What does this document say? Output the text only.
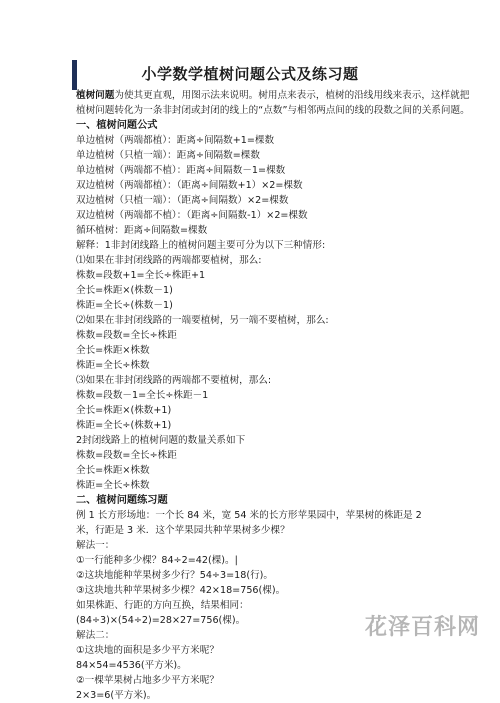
小学数学植树问题公式及练习题

植树问题为使其更直观，用图示法来说明。树用点来表示，植树的沿线用线来表示，这样就把植树问题转化为一条非封闭或封闭的线上的“点数”与相邻两点间的线的段数之间的关系问题。

一、植树问题公式

单边植树（两端都植）：距离÷间隔数+1=棵数

单边植树（只植一端）：距离÷间隔数=棵数

单边植树（两端都不植）：距离÷间隔数－1=棵数

双边植树（两端都植）：（距离÷间隔数+1）×2=棵数

双边植树（只植一端）：（距离÷间隔数）×2=棵数

双边植树（两端都不植）：（距离÷间隔数-1）×2=棵数

循环植树：距离÷间隔数=棵数

解释：1非封闭线路上的植树问题主要可分为以下三种情形:

⑴如果在非封闭线路的两端都要植树，那么:

株数=段数+1=全长÷株距+1

全长=株距×(株数－1)

株距=全长÷(株数－1)

⑵如果在非封闭线路的一端要植树，另一端不要植树，那么:

株数=段数=全长÷株距

全长=株距×株数

株距=全长÷株数

⑶如果在非封闭线路的两端都不要植树，那么:

株数=段数－1=全长÷株距－1

全长=株距×(株数+1)

株距=全长÷(株数+1)

2封闭线路上的植树问题的数量关系如下

株数=段数=全长÷株距

全长=株距×株数

株距=全长÷株数

二、植树问题练习题

例 1 长方形场地：一个长 84 米，宽 54 米的长方形苹果园中，苹果树的株距是 2

米，行距是 3 米．这个苹果园共种苹果树多少棵？

解法一：

①一行能种多少棵？84÷2=42(棵)。|

②这块地能种苹果树多少行？54÷3=18(行)。

③这块地共种苹果树多少棵？42×18=756(棵)。

如果株距、行距的方向互换，结果相同：

(84÷3)×(54÷2)=28×27=756(棵)。

解法二：

①这块地的面积是多少平方米呢？

84×54=4536(平方米)。

②一棵苹果树占地多少平方米呢？

2×3=6(平方米)。

花泽百科网
